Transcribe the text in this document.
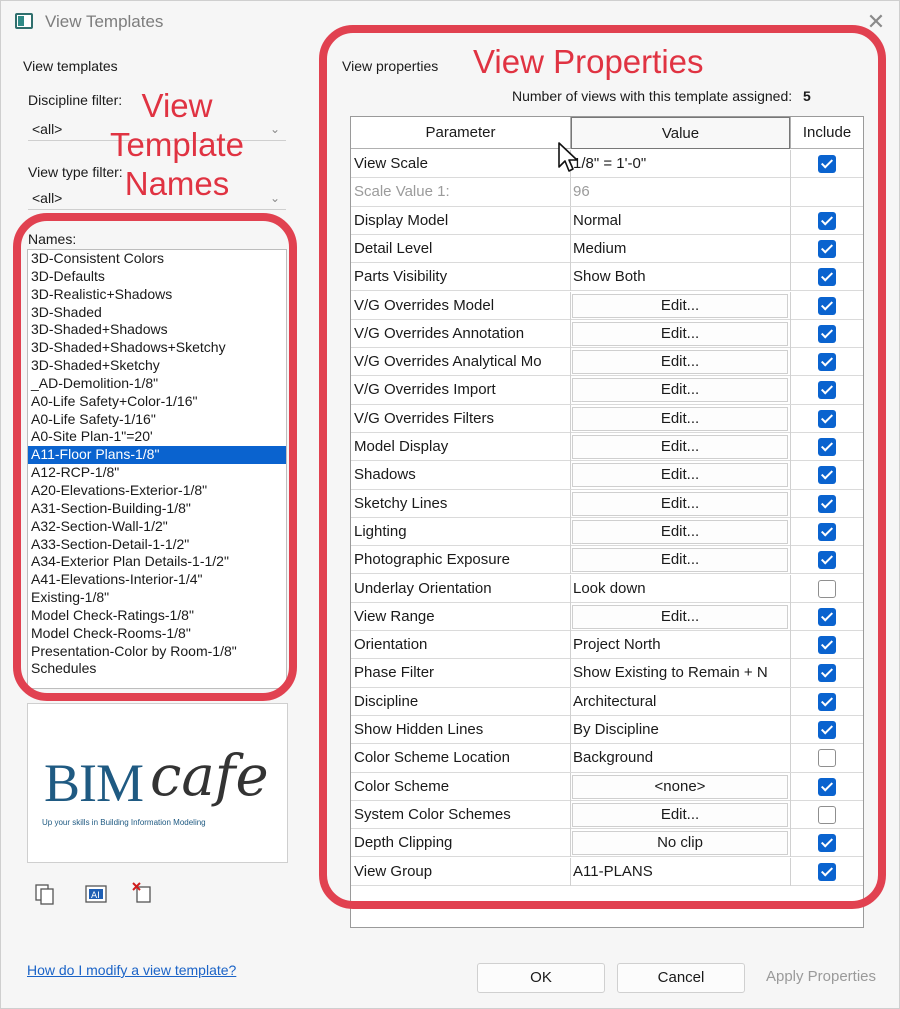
View Templates	✕
View templates
Discipline filter:
<all>	⌄
View type filter:
<all>	⌄
Names:
3D-Consistent Colors
3D-Defaults
3D-Realistic+Shadows
3D-Shaded
3D-Shaded+Shadows
3D-Shaded+Shadows+Sketchy
3D-Shaded+Sketchy
_AD-Demolition-1/8"
A0-Life Safety+Color-1/16"
A0-Life Safety-1/16"
A0-Site Plan-1"=20'
A11-Floor Plans-1/8"
A12-RCP-1/8"
A20-Elevations-Exterior-1/8"
A31-Section-Building-1/8"
A32-Section-Wall-1/2"
A33-Section-Detail-1-1/2"
A34-Exterior Plan Details-1-1/2"
A41-Elevations-Interior-1/4"
Existing-1/8"
Model Check-Ratings-1/8"
Model Check-Rooms-1/8"
Presentation-Color by Room-1/8"
Schedules
View
Template
Names
BIM cafe
Up your skills in Building Information Modeling
AI
How do I modify a view template?
View properties View Properties
Number of views with this template assigned: 5
Parameter	Value	Include
View Scale	1/8" = 1'-0"
Scale Value 1:	96
Display Model	Normal
Detail Level	Medium
Parts Visibility	Show Both
V/G Overrides Model	Edit...
V/G Overrides Annotation	Edit...
V/G Overrides Analytical Mo	Edit...
V/G Overrides Import	Edit...
V/G Overrides Filters	Edit...
Model Display	Edit...
Shadows	Edit...
Sketchy Lines	Edit...
Lighting	Edit...
Photographic Exposure	Edit...
Underlay Orientation	Look down
View Range	Edit...
Orientation	Project North
Phase Filter	Show Existing to Remain + N
Discipline	Architectural
Show Hidden Lines	By Discipline
Color Scheme Location	Background
Color Scheme	<none>
System Color Schemes	Edit...
Depth Clipping	No clip
View Group	A11-PLANS
OK	Cancel	Apply Properties
